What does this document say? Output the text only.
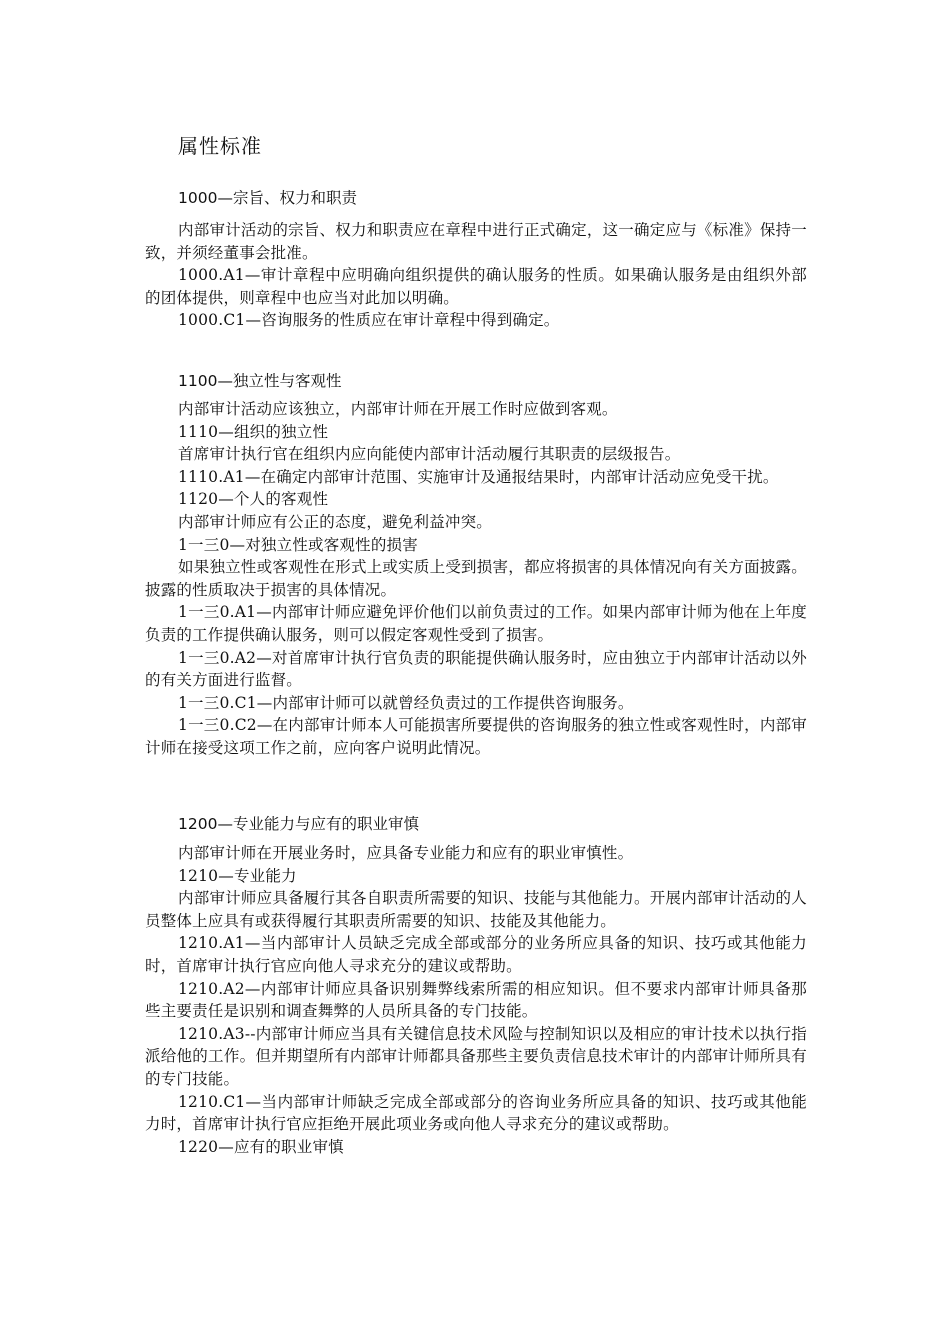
属性标准
1000—宗旨、权力和职责

内部审计活动的宗旨、权力和职责应在章程中进行正式确定，这一确定应与《标准》保持一致，并须经董事会批准。

1000.A1—审计章程中应明确向组织提供的确认服务的性质。如果确认服务是由组织外部的团体提供，则章程中也应当对此加以明确。

1000.C1—咨询服务的性质应在审计章程中得到确定。

1100—独立性与客观性

内部审计活动应该独立，内部审计师在开展工作时应做到客观。

1110—组织的独立性

首席审计执行官在组织内应向能使内部审计活动履行其职责的层级报告。

1110.A1—在确定内部审计范围、实施审计及通报结果时，内部审计活动应免受干扰。

1120—个人的客观性

内部审计师应有公正的态度，避免利益冲突。

1一三0—对独立性或客观性的损害

如果独立性或客观性在形式上或实质上受到损害，都应将损害的具体情况向有关方面披露。披露的性质取决于损害的具体情况。

1一三0.A1—内部审计师应避免评价他们以前负责过的工作。如果内部审计师为他在上年度负责的工作提供确认服务，则可以假定客观性受到了损害。

1一三0.A2—对首席审计执行官负责的职能提供确认服务时，应由独立于内部审计活动以外的有关方面进行监督。

1一三0.C1—内部审计师可以就曾经负责过的工作提供咨询服务。

1一三0.C2—在内部审计师本人可能损害所要提供的咨询服务的独立性或客观性时，内部审计师在接受这项工作之前，应向客户说明此情况。

1200—专业能力与应有的职业审慎

内部审计师在开展业务时，应具备专业能力和应有的职业审慎性。

1210—专业能力

内部审计师应具备履行其各自职责所需要的知识、技能与其他能力。开展内部审计活动的人员整体上应具有或获得履行其职责所需要的知识、技能及其他能力。

1210.A1—当内部审计人员缺乏完成全部或部分的业务所应具备的知识、技巧或其他能力时，首席审计执行官应向他人寻求充分的建议或帮助。

1210.A2—内部审计师应具备识别舞弊线索所需的相应知识。但不要求内部审计师具备那些主要责任是识别和调查舞弊的人员所具备的专门技能。

1210.A3--内部审计师应当具有关键信息技术风险与控制知识以及相应的审计技术以执行指派给他的工作。但并期望所有内部审计师都具备那些主要负责信息技术审计的内部审计师所具有的专门技能。

1210.C1—当内部审计师缺乏完成全部或部分的咨询业务所应具备的知识、技巧或其他能力时，首席审计执行官应拒绝开展此项业务或向他人寻求充分的建议或帮助。

1220—应有的职业审慎
